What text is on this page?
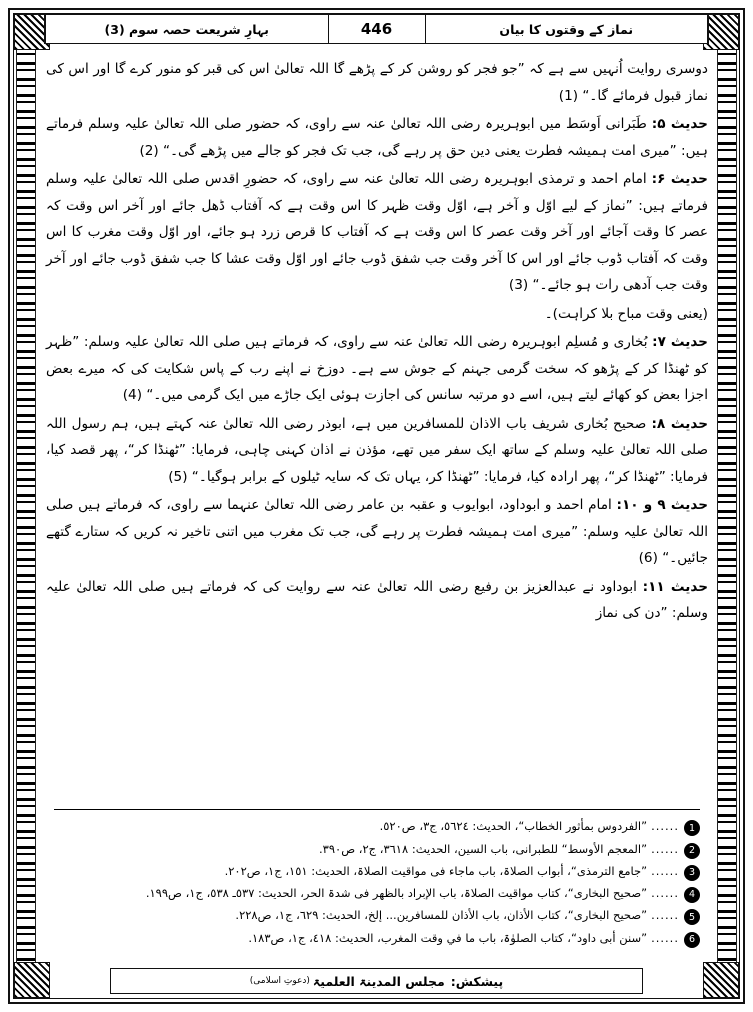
بہارِ شریعت حصہ سوم (3)	446	نماز کے وقتوں کا بیان

دوسری روایت اُنہیں سے ہے کہ ”جو فجر کو روشن کر کے پڑھے گا اللہ تعالیٰ اس کی قبر کو منور کرے گا اور اس کی نماز قبول فرمائے گا۔“ (1)

حدیث ۵: طَبَرانی اَوسَط میں ابوہریرہ رضی اللہ تعالیٰ عنہ سے راوی، کہ حضور صلی اللہ تعالیٰ علیہ وسلم فرماتے ہیں: ”میری امت ہمیشہ فطرت یعنی دین حق پر رہے گی، جب تک فجر کو جالے میں پڑھے گی۔“ (2)

حدیث ۶: امام احمد و ترمذی ابوہریرہ رضی اللہ تعالیٰ عنہ سے راوی، کہ حضورِ اقدس صلی اللہ تعالیٰ علیہ وسلم فرماتے ہیں: ”نماز کے لیے اوّل و آخر ہے، اوّل وقت ظہر کا اس وقت ہے کہ آفتاب ڈھل جائے اور آخر اس وقت کہ عصر کا وقت آجائے اور آخر وقت عصر کا اس وقت ہے کہ آفتاب کا قرص زرد ہو جائے، اور اوّل وقت مغرب کا اس وقت کہ آفتاب ڈوب جائے اور اس کا آخر وقت جب شفق ڈوب جائے اور اوّل وقت عشا کا جب شفق ڈوب جائے اور آخر وقت جب آدھی رات ہو جائے۔“ (3)

(یعنی وقت مباح بلا کراہت)۔

حدیث ۷: بُخاری و مُسلِم ابوہریرہ رضی اللہ تعالیٰ عنہ سے راوی، کہ فرماتے ہیں صلی اللہ تعالیٰ علیہ وسلم: ”ظہر کو ٹھنڈا کر کے پڑھو کہ سخت گرمی جہنم کے جوش سے ہے۔ دوزخ نے اپنے رب کے پاس شکایت کی کہ میرے بعض اجزا بعض کو کھائے لیتے ہیں، اسے دو مرتبہ سانس کی اجازت ہوئی ایک جاڑے میں ایک گرمی میں۔“ (4)

حدیث ۸: صحیح بُخاری شریف باب الاذان للمسافرین میں ہے، ابوذر رضی اللہ تعالیٰ عنہ کہتے ہیں، ہم رسول اللہ صلی اللہ تعالیٰ علیہ وسلم کے ساتھ ایک سفر میں تھے، مؤذن نے اذان کہنی چاہی، فرمایا: ”ٹھنڈا کر“، پھر قصد کیا، فرمایا: ”ٹھنڈا کر“، پھر ارادہ کیا، فرمایا: ”ٹھنڈا کر، یہاں تک کہ سایہ ٹیلوں کے برابر ہوگیا۔“ (5)

حدیث ۹ و ۱۰: امام احمد و ابوداود، ابوایوب و عقبہ بن عامر رضی اللہ تعالیٰ عنہما سے راوی، کہ فرماتے ہیں صلی اللہ تعالیٰ علیہ وسلم: ”میری امت ہمیشہ فطرت پر رہے گی، جب تک مغرب میں اتنی تاخیر نہ کریں کہ ستارے گتھے جائیں۔“ (6)

حدیث ۱۱: ابوداود نے عبدالعزیز بن رفیع رضی اللہ تعالیٰ عنہ سے روایت کی کہ فرماتے ہیں صلی اللہ تعالیٰ علیہ وسلم: ”دن کی نماز

1
......
”الفردوس بمأثور الخطاب“، الحدیث: ٥٦٢٤، ج٣، ص٥٢٠.
2
......
”المعجم الأوسط“ للطبرانی، باب السین، الحدیث: ٣٦١٨، ج٢، ص٣٩٠.
3
......
”جامع الترمذی“، أبواب الصلاۃ، باب ماجاء فی مواقیت الصلاۃ، الحدیث: ١٥١، ج١، ص٢٠٢.
4
......
”صحیح البخاری“، کتاب مواقیت الصلاۃ، باب الإبراد بالظهر فی شدۃ الحر، الحدیث: ٥٣٧ـ ٥٣٨، ج١، ص١٩٩.
5
......
”صحیح البخاری“، کتاب الأذان، باب الأذان للمسافرین... إلخ، الحدیث: ٦٢٩، ج١، ص٢٢٨.
6
......
”سنن أبی داود“، کتاب الصلوٰۃ، باب ما في وقت المغرب، الحدیث: ٤١٨، ج١، ص١٨٣.
پیشکش:
مجلس المدینۃ العلمیۃ
(دعوتِ اسلامی)
